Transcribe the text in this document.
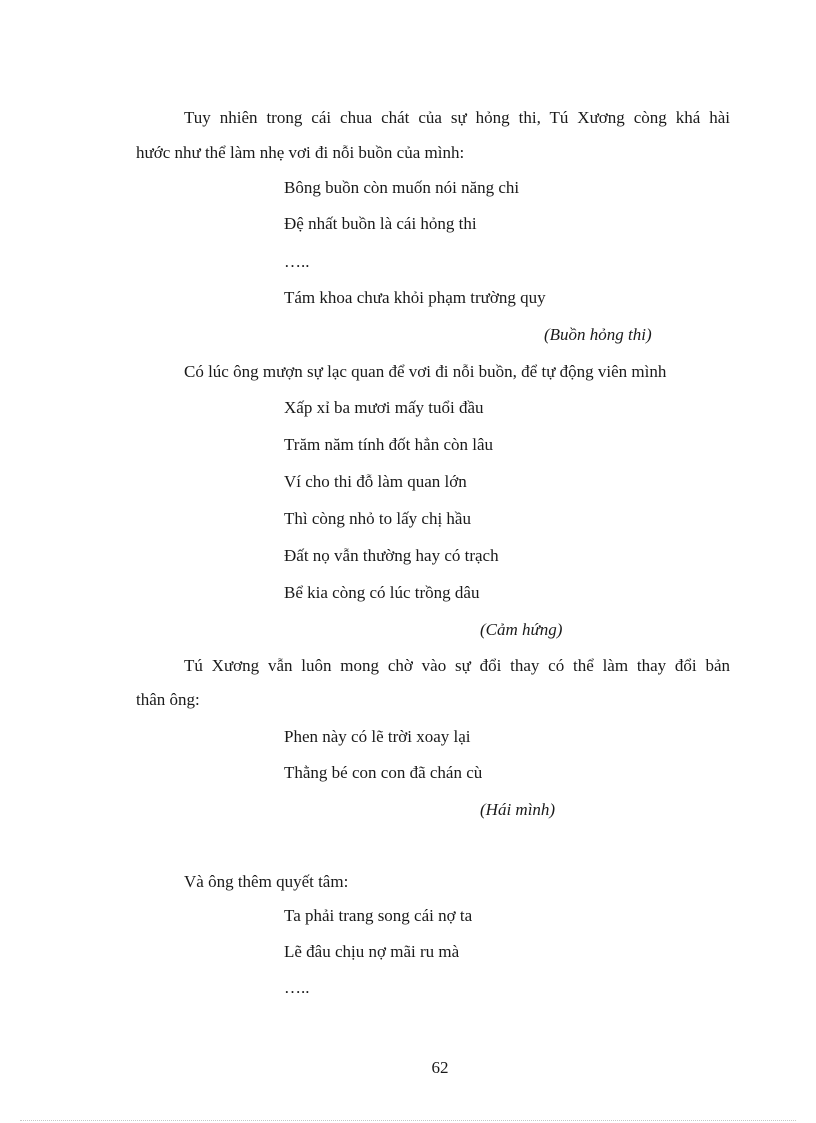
Tuy nhiên trong cái chua chát của sự hỏng thi, Tú Xương còng khá hài
hước như thể làm nhẹ vơi đi nỗi buồn của mình:
Bông buồn còn muốn nói năng chi
Đệ nhất buồn là cái hỏng thi
…..
Tám khoa chưa khỏi phạm trường quy
(Buồn hỏng thi)
Có lúc ông mượn sự lạc quan để vơi đi nỗi buồn, để tự động viên mình
Xấp xỉ ba mươi mấy tuổi đầu
Trăm năm tính đốt hẳn còn lâu
Ví cho thi đỗ làm quan lớn
Thì còng nhỏ to lấy chị hầu
Đất nọ vẫn thường hay có trạch
Bể kia còng có lúc trồng dâu
(Cảm hứng)
Tú Xương vẫn luôn mong chờ vào sự đổi thay có thể làm thay đổi bản
thân ông:
Phen này có lẽ trời xoay lại
Thằng bé con con đã chán cù
(Hái mình)
Và ông thêm quyết tâm:
Ta phải trang song cái nợ ta
Lẽ đâu chịu nợ mãi ru mà
…..
62
